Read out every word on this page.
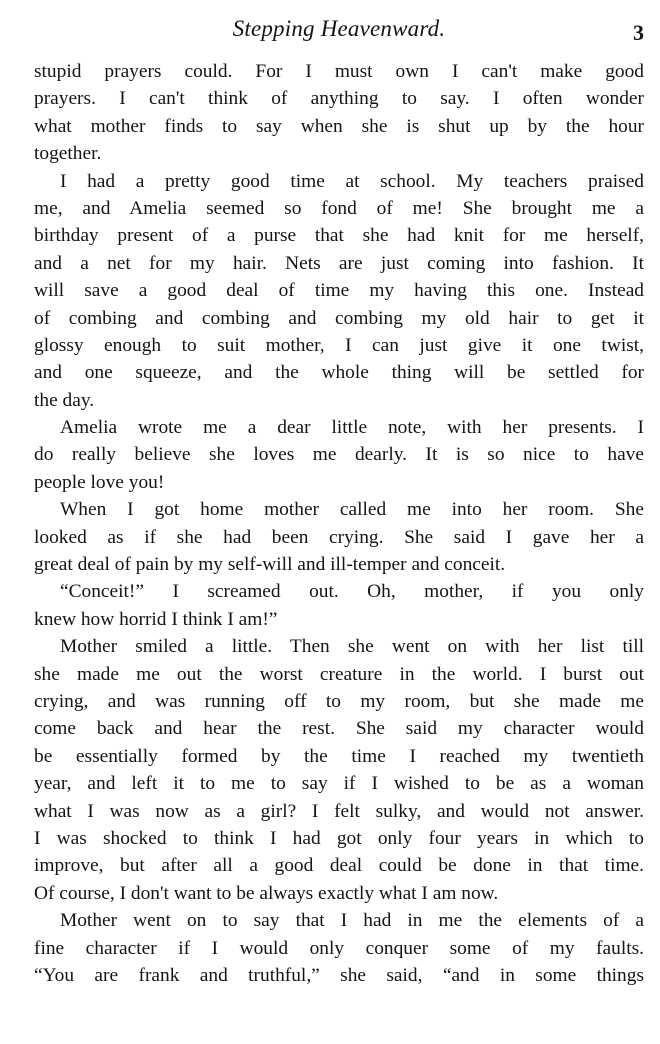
Stepping Heavenward.	3
stupid prayers could. For I must own I can't make good
prayers. I can't think of anything to say. I often wonder
what mother finds to say when she is shut up by the hour
together.
I had a pretty good time at school. My teachers praised
me, and Amelia seemed so fond of me! She brought me a
birthday present of a purse that she had knit for me herself,
and a net for my hair. Nets are just coming into fashion. It
will save a good deal of time my having this one. Instead
of combing and combing and combing my old hair to get it
glossy enough to suit mother, I can just give it one twist,
and one squeeze, and the whole thing will be settled for
the day.
Amelia wrote me a dear little note, with her presents. I
do really believe she loves me dearly. It is so nice to have
people love you!
When I got home mother called me into her room. She
looked as if she had been crying. She said I gave her a
great deal of pain by my self-will and ill-temper and conceit.
“Conceit!” I screamed out. Oh, mother, if you only
knew how horrid I think I am!”
Mother smiled a little. Then she went on with her list till
she made me out the worst creature in the world. I burst out
crying, and was running off to my room, but she made me
come back and hear the rest. She said my character would
be essentially formed by the time I reached my twentieth
year, and left it to me to say if I wished to be as a woman
what I was now as a girl? I felt sulky, and would not answer.
I was shocked to think I had got only four years in which to
improve, but after all a good deal could be done in that time.
Of course, I don't want to be always exactly what I am now.
Mother went on to say that I had in me the elements of a
fine character if I would only conquer some of my faults.
“You are frank and truthful,” she said, “and in some things
